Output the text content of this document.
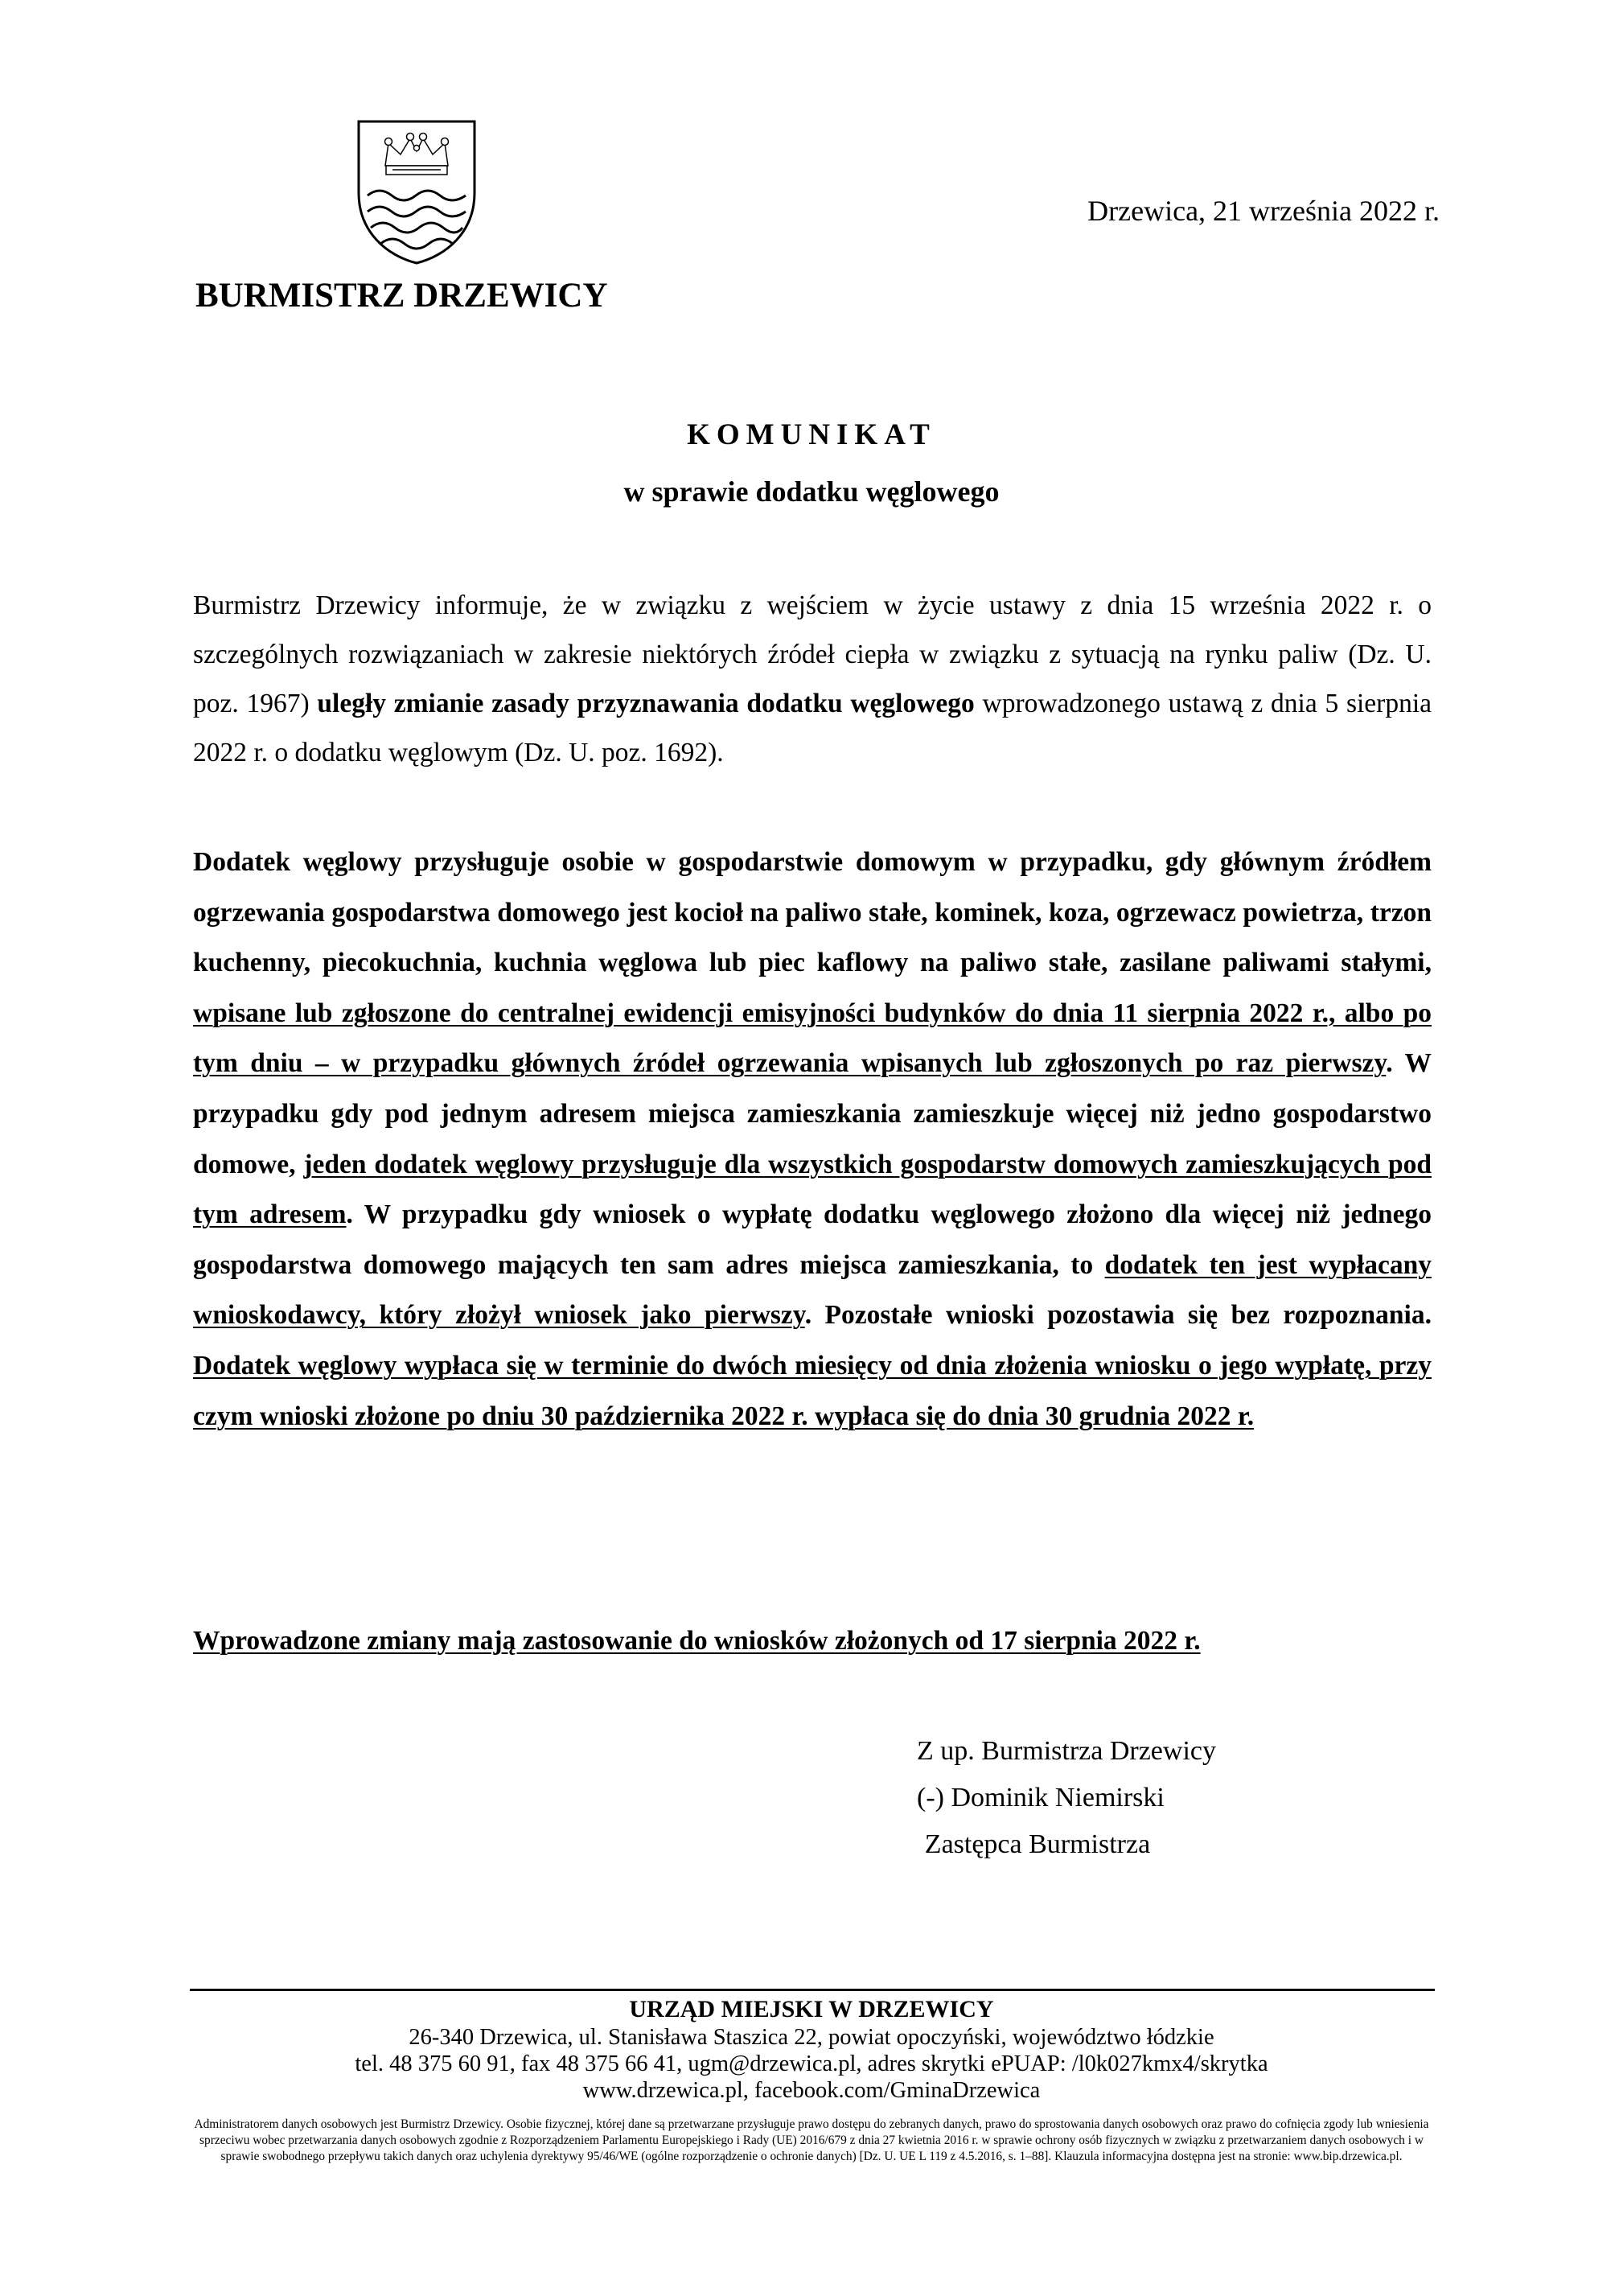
Drzewica, 21 września 2022 r.
BURMISTRZ DRZEWICY
KOMUNIKAT
w sprawie dodatku węglowego

Burmistrz Drzewicy informuje, że w związku z wejściem w życie ustawy z dnia 15 września 2022 r. o szczególnych rozwiązaniach w zakresie niektórych źródeł ciepła w związku z sytuacją na rynku paliw (Dz. U. poz. 1967) uległy zmianie zasady przyznawania dodatku węglowego wprowadzonego ustawą z dnia 5 sierpnia 2022 r. o dodatku węglowym (Dz. U. poz. 1692).

Dodatek węglowy przysługuje osobie w gospodarstwie domowym w przypadku, gdy głównym źródłem ogrzewania gospodarstwa domowego jest kocioł na paliwo stałe, kominek, koza, ogrzewacz powietrza, trzon kuchenny, piecokuchnia, kuchnia węglowa lub piec kaflowy na paliwo stałe, zasilane paliwami stałymi, wpisane lub zgłoszone do centralnej ewidencji emisyjności budynków do dnia 11 sierpnia 2022 r., albo po tym dniu – w przypadku głównych źródeł ogrzewania wpisanych lub zgłoszonych po raz pierwszy. W przypadku gdy pod jednym adresem miejsca zamieszkania zamieszkuje więcej niż jedno gospodarstwo domowe, jeden dodatek węglowy przysługuje dla wszystkich gospodarstw domowych zamieszkujących pod tym adresem. W przypadku gdy wniosek o wypłatę dodatku węglowego złożono dla więcej niż jednego gospodarstwa domowego mających ten sam adres miejsca zamieszkania, to dodatek ten jest wypłacany wnioskodawcy, który złożył wniosek jako pierwszy. Pozostałe wnioski pozostawia się bez rozpoznania. Dodatek węglowy wypłaca się w terminie do dwóch miesięcy od dnia złożenia wniosku o jego wypłatę, przy czym wnioski złożone po dniu 30 października 2022 r. wypłaca się do dnia 30 grudnia 2022 r.

Wprowadzone zmiany mają zastosowanie do wniosków złożonych od 17 sierpnia 2022 r.

Z up. Burmistrza Drzewicy
(-) Dominik Niemirski
Zastępca Burmistrza
URZĄD MIEJSKI W DRZEWICY
26-340 Drzewica, ul. Stanisława Staszica 22, powiat opoczyński, województwo łódzkie
tel. 48 375 60 91, fax 48 375 66 41, ugm@drzewica.pl, adres skrytki ePUAP: /l0k027kmx4/skrytka
www.drzewica.pl, facebook.com/GminaDrzewica
Administratorem danych osobowych jest Burmistrz Drzewicy. Osobie fizycznej, której dane są przetwarzane przysługuje prawo dostępu do zebranych danych, prawo do sprostowania danych osobowych oraz prawo do cofnięcia zgody lub wniesienia sprzeciwu wobec przetwarzania danych osobowych zgodnie z Rozporządzeniem Parlamentu Europejskiego i Rady (UE) 2016/679 z dnia 27 kwietnia 2016 r. w sprawie ochrony osób fizycznych w związku z przetwarzaniem danych osobowych i w sprawie swobodnego przepływu takich danych oraz uchylenia dyrektywy 95/46/WE (ogólne rozporządzenie o ochronie danych) [Dz. U. UE L 119 z 4.5.2016, s. 1–88]. Klauzula informacyjna dostępna jest na stronie: www.bip.drzewica.pl.
